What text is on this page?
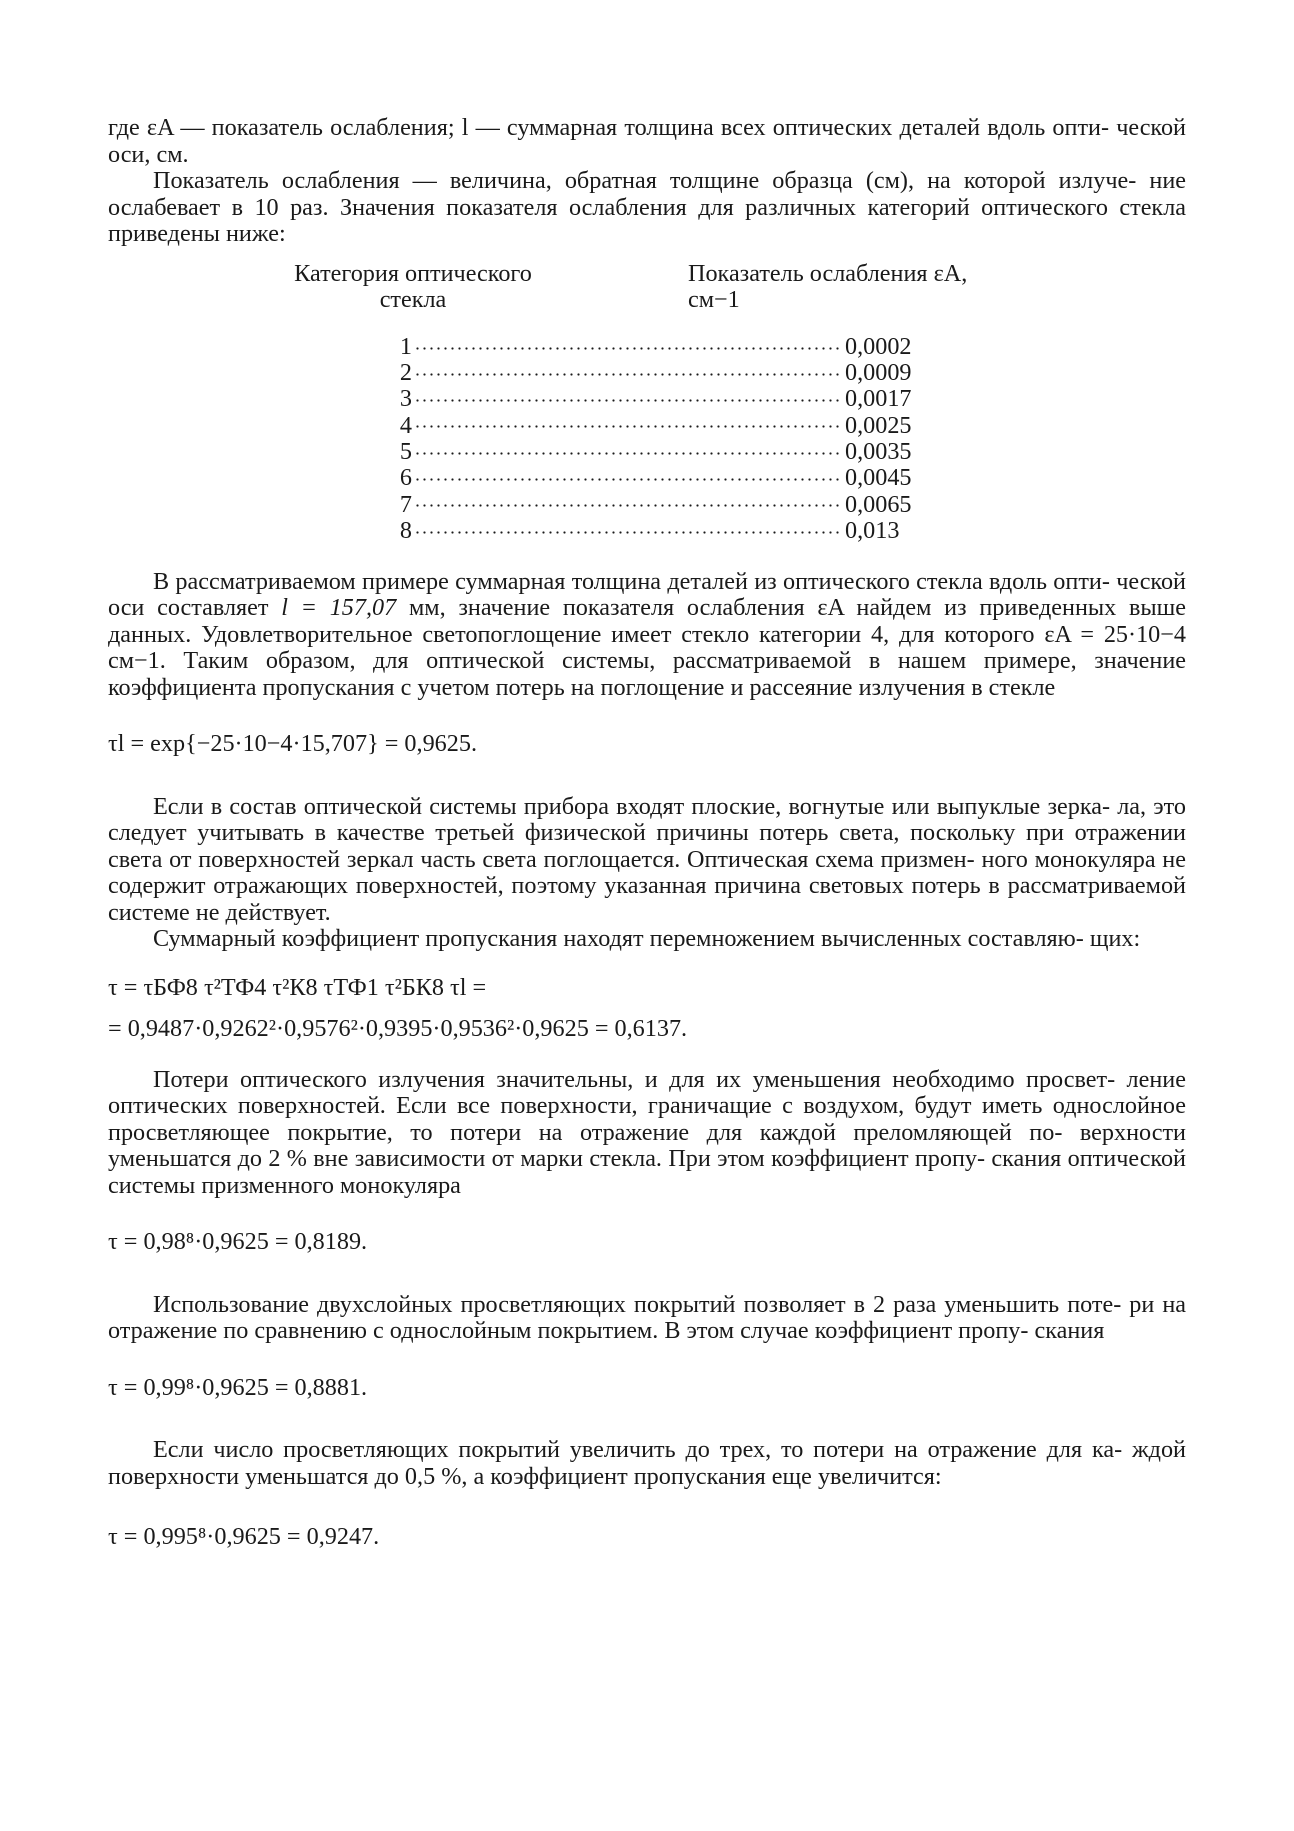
где εA — показатель ослабления; l — суммарная толщина всех оптических деталей вдоль опти- ческой оси, см.

Показатель ослабления — величина, обратная толщине образца (см), на которой излуче- ние ослабевает в 10 раз. Значения показателя ослабления для различных категорий оптического стекла приведены ниже:

Категория оптического стекла
Показатель ослабления εA, см−1
1	0,0002
2	0,0009
3	0,0017
4	0,0025
5	0,0035
6	0,0045
7	0,0065
8	0,013

В рассматриваемом примере суммарная толщина деталей из оптического стекла вдоль опти- ческой оси составляет l = 157,07 мм, значение показателя ослабления εA найдем из приведенных выше данных. Удовлетворительное светопоглощение имеет стекло категории 4, для которого εA = 25·10−4 см−1. Таким образом, для оптической системы, рассматриваемой в нашем примере, значение коэффициента пропускания с учетом потерь на поглощение и рассеяние излучения в стекле

τl = exp{−25·10−4·15,707} = 0,9625.

Если в состав оптической системы прибора входят плоские, вогнутые или выпуклые зерка- ла, это следует учитывать в качестве третьей физической причины потерь света, поскольку при отражении света от поверхностей зеркал часть света поглощается. Оптическая схема призмен- ного монокуляра не содержит отражающих поверхностей, поэтому указанная причина световых потерь в рассматриваемой системе не действует.

Суммарный коэффициент пропускания находят перемножением вычисленных составляю- щих:

τ = τБФ8 τ²ТФ4 τ²К8 τТФ1 τ²БК8 τl =

= 0,9487·0,9262²·0,9576²·0,9395·0,9536²·0,9625 = 0,6137.

Потери оптического излучения значительны, и для их уменьшения необходимо просвет- ление оптических поверхностей. Если все поверхности, граничащие с воздухом, будут иметь однослойное просветляющее покрытие, то потери на отражение для каждой преломляющей по- верхности уменьшатся до 2 % вне зависимости от марки стекла. При этом коэффициент пропу- скания оптической системы призменного монокуляра

τ = 0,98⁸·0,9625 = 0,8189.

Использование двухслойных просветляющих покрытий позволяет в 2 раза уменьшить поте- ри на отражение по сравнению с однослойным покрытием. В этом случае коэффициент пропу- скания

τ = 0,99⁸·0,9625 = 0,8881.

Если число просветляющих покрытий увеличить до трех, то потери на отражение для ка- ждой поверхности уменьшатся до 0,5 %, а коэффициент пропускания еще увеличится:

τ = 0,995⁸·0,9625 = 0,9247.
